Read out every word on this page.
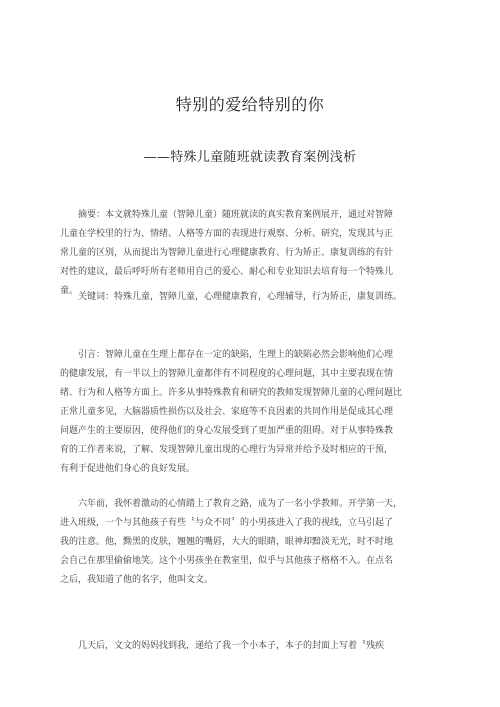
特别的爱给特别的你
——特殊儿童随班就读教育案例浅析
摘要：本文就特殊儿童（智障儿童）随班就读的真实教育案例展开，通过对智障
儿童在学校里的行为、情绪、人格等方面的表现进行观察、分析、研究，发现其与正
常儿童的区别，从而提出为智障儿童进行心理健康教育、行为矫正、康复训练的有针
对性的建议，最后呼吁所有老师用自己的爱心、耐心和专业知识去培育每一个特殊儿
童。
关键词：特殊儿童，智障儿童，心理健康教育，心理辅导，行为矫正，康复训练。
引言：智障儿童在生理上都存在一定的缺陷，生理上的缺陷必然会影响他们心理
的健康发展，有一半以上的智障儿童都伴有不同程度的心理问题，其中主要表现在情
绪、行为和人格等方面上。许多从事特殊教育和研究的教师发现智障儿童的心理问题比
正常儿童多见，大脑器质性损伤以及社会、家庭等不良因素的共同作用是促成其心理
问题产生的主要原因，使得他们的身心发展受到了更加严重的阻碍。对于从事特殊教
育的工作者来说，了解、发现智障儿童出现的心理行为异常并给予及时相应的干预，
有利于促进他们身心的良好发展。
六年前，我怀着激动的心情踏上了教育之路，成为了一名小学教师。开学第一天，
进入班级，一个与其他孩子有些〝与众不同〞的小男孩进入了我的视线，立马引起了
我的注意。他，黝黑的皮肤，翘翘的嘴唇，大大的眼睛，眼神却黯淡无光，时不时地
会自己在那里偷偷地笑。这个小男孩坐在教室里，似乎与其他孩子格格不入。在点名
之后，我知道了他的名字，他叫文文。
几天后，文文的妈妈找到我，递给了我一个小本子，本子的封面上写着〝残疾
